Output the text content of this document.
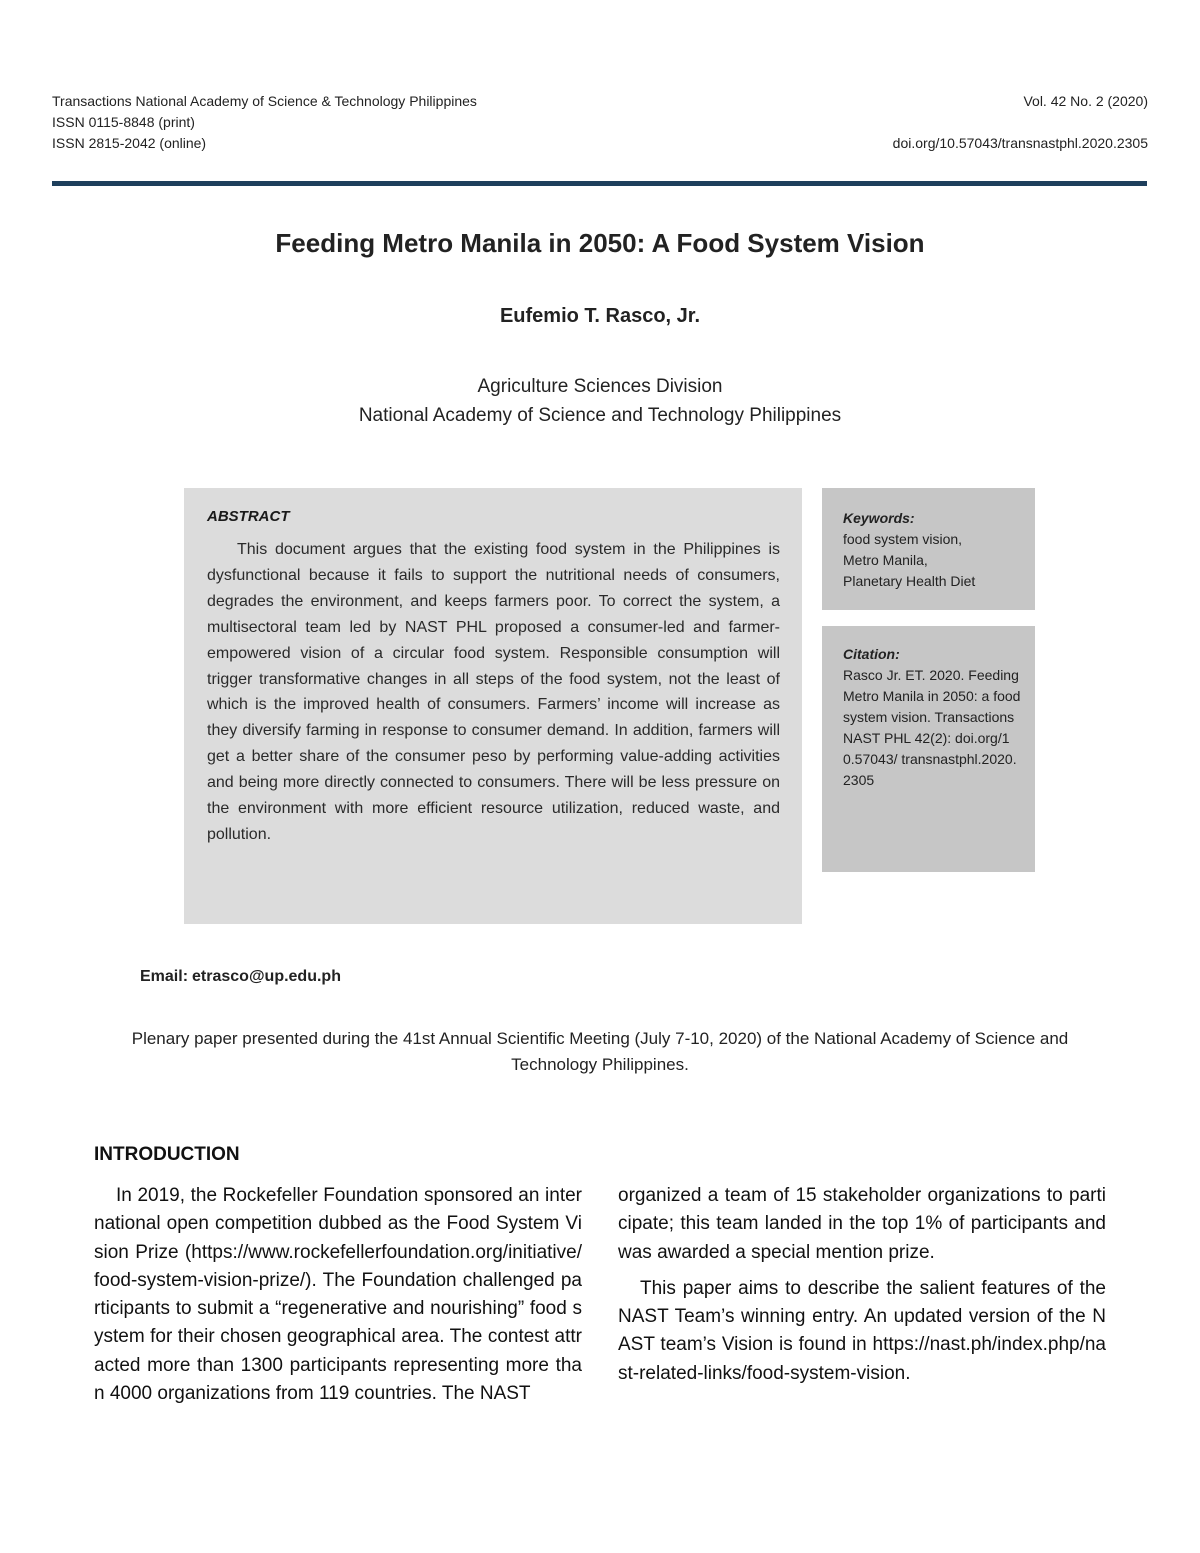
Transactions National Academy of Science & Technology Philippines
ISSN 0115-8848 (print)
ISSN 2815-2042 (online)
Vol. 42 No. 2 (2020)
doi.org/10.57043/transnastphl.2020.2305
Feeding Metro Manila in 2050: A Food System Vision
Eufemio T. Rasco, Jr.
Agriculture Sciences Division
National Academy of Science and Technology Philippines
ABSTRACT
This document argues that the existing food system in the Philippines is dysfunctional because it fails to support the nutritional needs of consumers, degrades the environment, and keeps farmers poor. To correct the system, a multisectoral team led by NAST PHL proposed a consumer-led and farmer-empowered vision of a circular food system. Responsible consumption will trigger transformative changes in all steps of the food system, not the least of which is the improved health of consumers. Farmers’ income will increase as they diversify farming in response to consumer demand. In addition, farmers will get a better share of the consumer peso by performing value-adding activities and being more directly connected to consumers. There will be less pressure on the environment with more efficient resource utilization, reduced waste, and pollution.
Keywords:
food system vision,
Metro Manila,
Planetary Health Diet
Citation:
Rasco Jr. ET. 2020. Feeding Metro Manila in 2050: a food system vision. Transactions NAST PHL 42(2): doi.org/10.57043/ transnastphl.2020.2305
Email: etrasco@up.edu.ph
Plenary paper presented during the 41st Annual Scientific Meeting (July 7-10, 2020) of the National Academy of Science and Technology Philippines.
INTRODUCTION
In 2019, the Rockefeller Foundation sponsored an international open competition dubbed as the Food System Vision Prize (https://www.rockefellerfoundation.org/initiative/food-system-vision-prize/). The Foundation challenged participants to submit a “regenerative and nourishing” food system for their chosen geographical area. The contest attracted more than 1300 participants representing more than 4000 organizations from 119 countries. The NAST

organized a team of 15 stakeholder organizations to participate; this team landed in the top 1% of participants and was awarded a special mention prize.

This paper aims to describe the salient features of the NAST Team’s winning entry. An updated version of the NAST team’s Vision is found in https://nast.ph/index.php/nast-related-links/food-system-vision.
